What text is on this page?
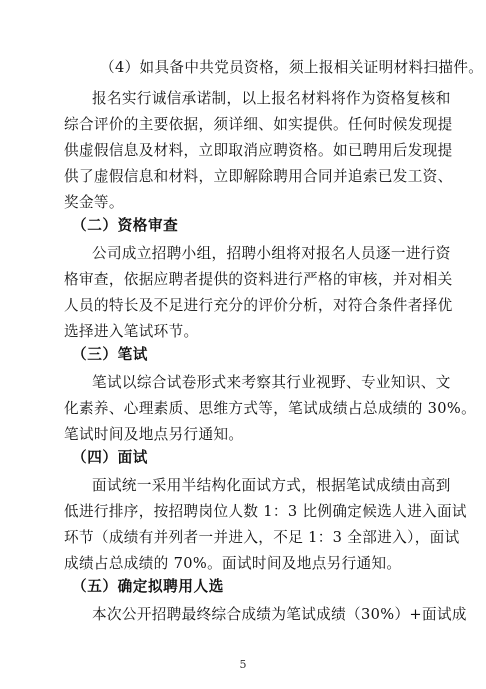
（4）如具备中共党员资格，须上报相关证明材料扫描件。
报名实行诚信承诺制，以上报名材料将作为资格复核和
综合评价的主要依据，须详细、如实提供。任何时候发现提
供虚假信息及材料，立即取消应聘资格。如已聘用后发现提
供了虚假信息和材料，立即解除聘用合同并追索已发工资、
奖金等。
（二）资格审查
公司成立招聘小组，招聘小组将对报名人员逐一进行资
格审查，依据应聘者提供的资料进行严格的审核，并对相关
人员的特长及不足进行充分的评价分析，对符合条件者择优
选择进入笔试环节。
（三）笔试
笔试以综合试卷形式来考察其行业视野、专业知识、文
化素养、心理素质、思维方式等，笔试成绩占总成绩的 30%。
笔试时间及地点另行通知。
（四）面试
面试统一采用半结构化面试方式，根据笔试成绩由高到
低进行排序，按招聘岗位人数 1：3 比例确定候选人进入面试
环节（成绩有并列者一并进入，不足 1：3 全部进入），面试
成绩占总成绩的 70%。面试时间及地点另行通知。
（五）确定拟聘用人选
本次公开招聘最终综合成绩为笔试成绩（30%）+面试成
5
